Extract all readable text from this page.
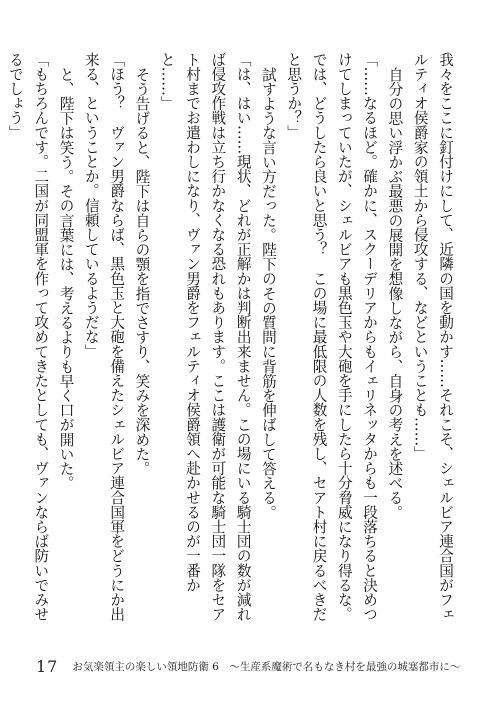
我々をここに釘付けにして、近隣の国を動かす……それこそ、シェルビア連合国がフェルティオ侯爵家の領土から侵攻する、などということも……」

自分の思い浮かぶ最悪の展開を想像しながら、自身の考えを述べる。

「……なるほど。確かに、スクーデリアからもイェリネッタからも一段落ちると決めつけてしまっていたが、シェルビアも黒色玉や大砲を手にしたら十分脅威になり得るな。では、どうしたら良いと思う？　この場に最低限の人数を残し、セアト村に戻るべきだと思うか？」

試すような言い方だった。陛下のその質問に背筋を伸ばして答える。

「は、はい……現状、どれが正解かは判断出来ません。この場にいる騎士団の数が減れば侵攻作戦は立ち行かなくなる恐れもあります。ここは護衛が可能な騎士団一隊をセアト村までお遣わしになり、ヴァン男爵をフェルティオ侯爵領へ赴かせるのが一番かと……」

そう告げると、陛下は自らの顎を指でさすり、笑みを深めた。

「ほう？　ヴァン男爵ならば、黒色玉と大砲を備えたシェルビア連合国軍をどうにか出来る、ということか。信頼しているようだな」

と、陛下は笑う。その言葉には、考えるよりも早く口が開いた。

「もちろんです。二国が同盟軍を作って攻めてきたとしても、ヴァンならば防いでみせるでしょう」

17 お気楽領主の楽しい領地防衛 6　〜生産系魔術で名もなき村を最強の城塞都市に〜
